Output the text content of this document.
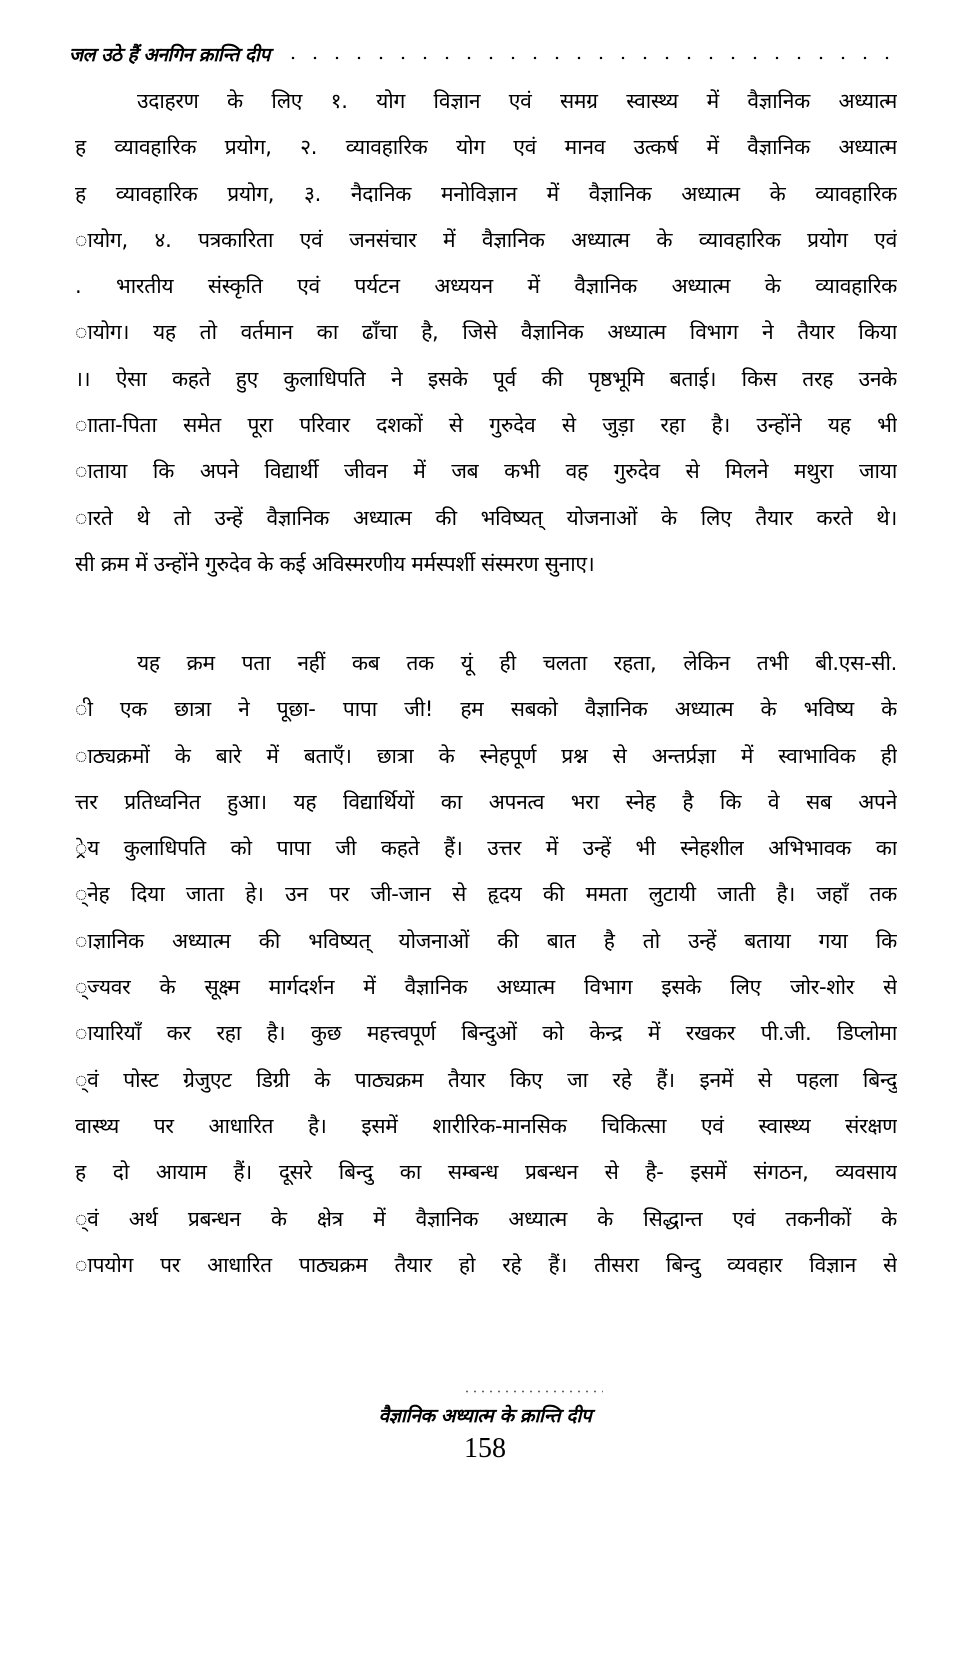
जल उठे हैं अनगिन क्रान्ति दीप
उदाहरण के लिए १. योग विज्ञान एवं समग्र स्वास्थ्य में वैज्ञानिक अध्यात्म
ह व्यावहारिक प्रयोग, २. व्यावहारिक योग एवं मानव उत्कर्ष में वैज्ञानिक अध्यात्म
ह व्यावहारिक प्रयोग, ३. नैदानिक मनोविज्ञान में वैज्ञानिक अध्यात्म के व्यावहारिक
ायोग, ४. पत्रकारिता एवं जनसंचार में वैज्ञानिक अध्यात्म के व्यावहारिक प्रयोग एवं
. भारतीय संस्कृति एवं पर्यटन अध्ययन में वैज्ञानिक अध्यात्म के व्यावहारिक
ायोग। यह तो वर्तमान का ढाँचा है, जिसे वैज्ञानिक अध्यात्म विभाग ने तैयार किया
।। ऐसा कहते हुए कुलाधिपति ने इसके पूर्व की पृष्ठभूमि बताई। किस तरह उनके
ााता-पिता समेत पूरा परिवार दशकों से गुरुदेव से जुड़ा रहा है। उन्होंने यह भी
ाताया कि अपने विद्यार्थी जीवन में जब कभी वह गुरुदेव से मिलने मथुरा जाया
ारते थे तो उन्हें वैज्ञानिक अध्यात्म की भविष्यत् योजनाओं के लिए तैयार करते थे।
सी क्रम में उन्होंने गुरुदेव के कई अविस्मरणीय मर्मस्पर्शी संस्मरण सुनाए।
यह क्रम पता नहीं कब तक यूं ही चलता रहता, लेकिन तभी बी.एस-सी.
ी एक छात्रा ने पूछा- पापा जी! हम सबको वैज्ञानिक अध्यात्म के भविष्य के
ाठ्यक्रमों के बारे में बताएँ। छात्रा के स्नेहपूर्ण प्रश्न से अन्तर्प्रज्ञा में स्वाभाविक ही
त्तर प्रतिध्वनित हुआ। यह विद्यार्थियों का अपनत्व भरा स्नेह है कि वे सब अपने
्रेय कुलाधिपति को पापा जी कहते हैं। उत्तर में उन्हें भी स्नेहशील अभिभावक का
्नेह दिया जाता हे। उन पर जी-जान से हृदय की ममता लुटायी जाती है। जहाँ तक
ाज्ञानिक अध्यात्म की भविष्यत् योजनाओं की बात है तो उन्हें बताया गया कि
्ज्यवर के सूक्ष्म मार्गदर्शन में वैज्ञानिक अध्यात्म विभाग इसके लिए जोर-शोर से
ायारियाँ कर रहा है। कुछ महत्त्वपूर्ण बिन्दुओं को केन्द्र में रखकर पी.जी. डिप्लोमा
्वं पोस्ट ग्रेजुएट डिग्री के पाठ्यक्रम तैयार किए जा रहे हैं। इनमें से पहला बिन्दु
वास्थ्य पर आधारित है। इसमें शारीरिक-मानसिक चिकित्सा एवं स्वास्थ्य संरक्षण
ह दो आयाम हैं। दूसरे बिन्दु का सम्बन्ध प्रबन्धन से है- इसमें संगठन, व्यवसाय
्वं अर्थ प्रबन्धन के क्षेत्र में वैज्ञानिक अध्यात्म के सिद्धान्त एवं तकनीकों के
ापयोग पर आधारित पाठ्यक्रम तैयार हो रहे हैं। तीसरा बिन्दु व्यवहार विज्ञान से
वैज्ञानिक अध्यात्म के क्रान्ति दीप
158
